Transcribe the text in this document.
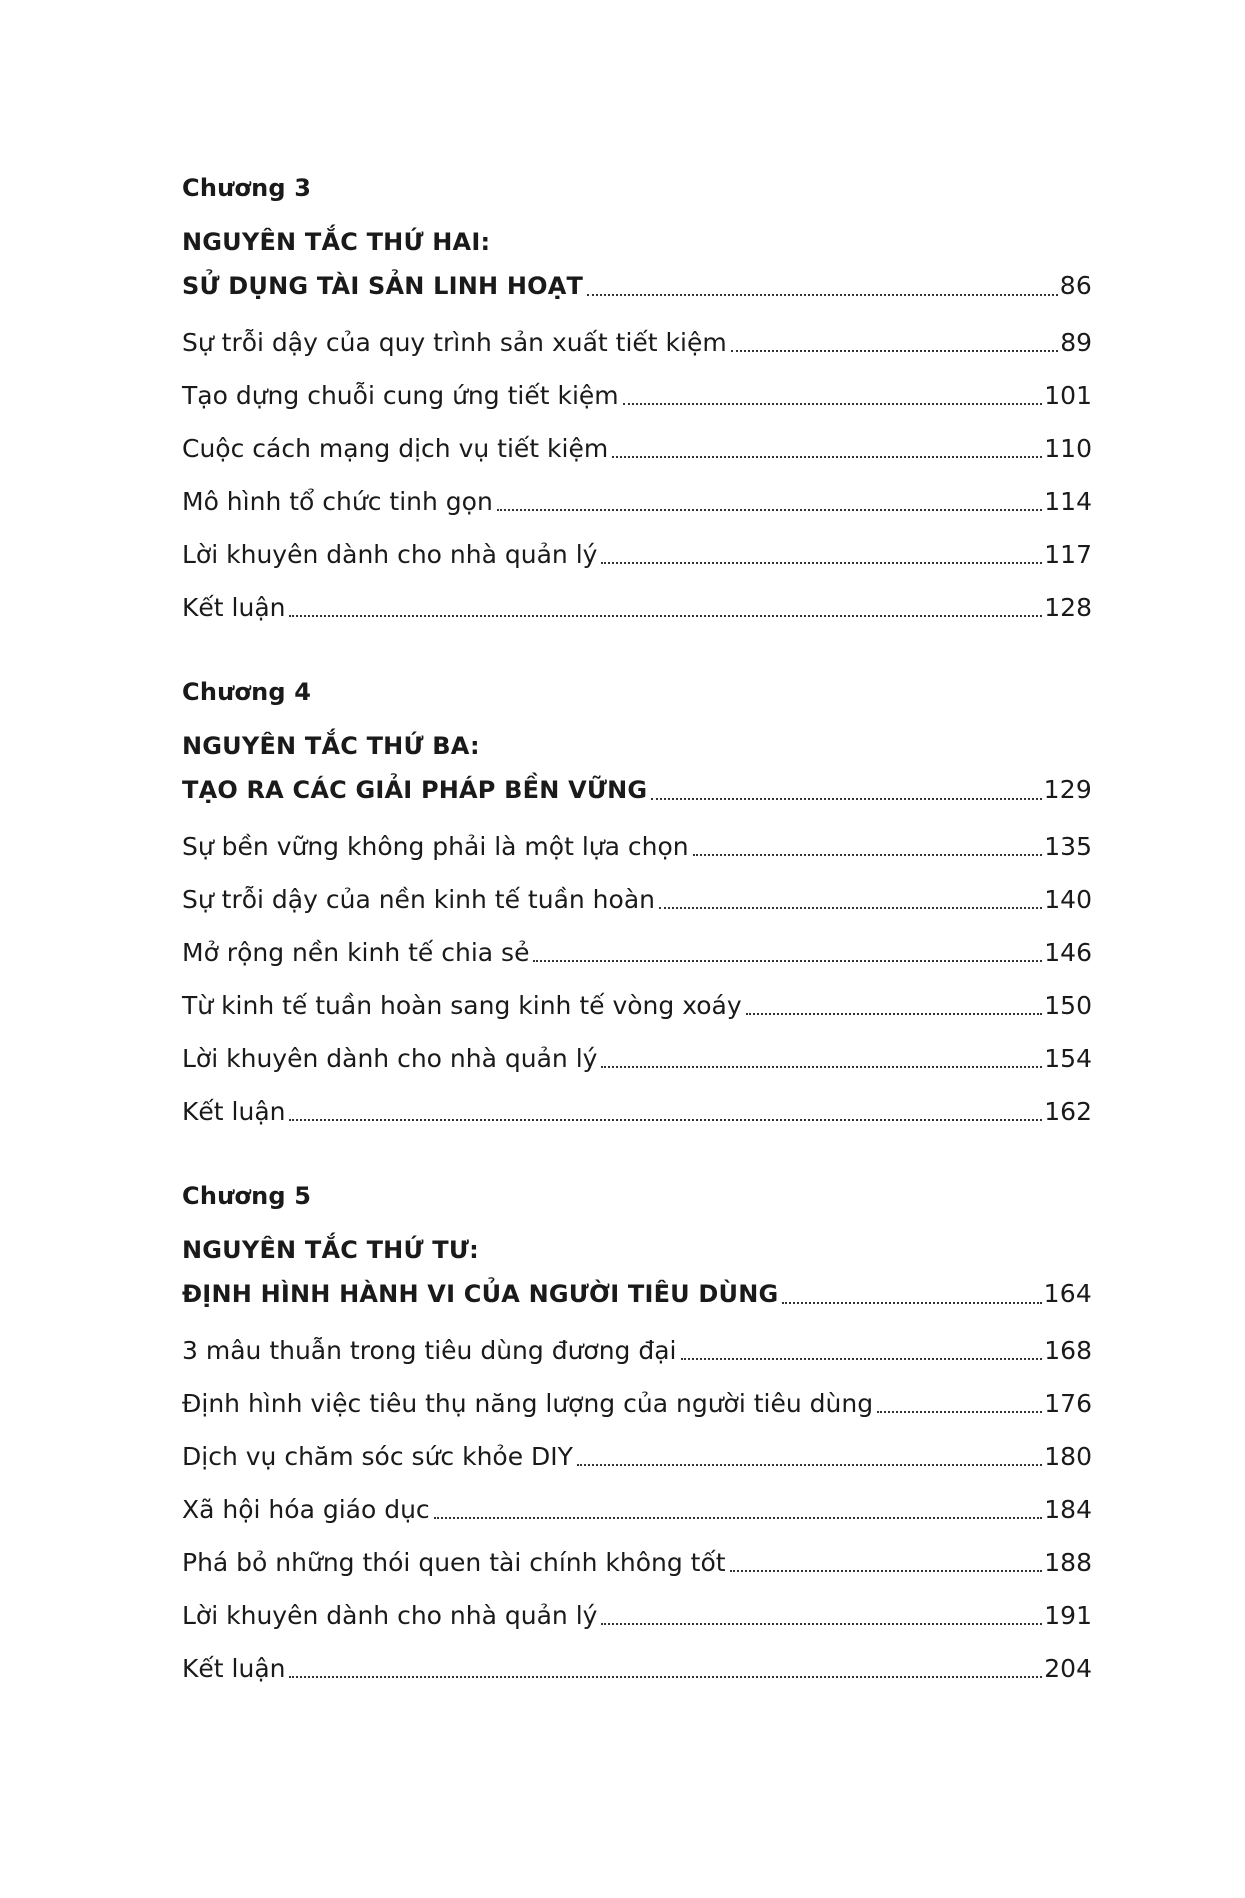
Chương 3
NGUYÊN TẮC THỨ HAI:
SỬ DỤNG TÀI SẢN LINH HOẠT	86
Sự trỗi dậy của quy trình sản xuất tiết kiệm	89
Tạo dựng chuỗi cung ứng tiết kiệm	101
Cuộc cách mạng dịch vụ tiết kiệm	110
Mô hình tổ chức tinh gọn	114
Lời khuyên dành cho nhà quản lý	117
Kết luận	128
Chương 4
NGUYÊN TẮC THỨ BA:
TẠO RA CÁC GIẢI PHÁP BỀN VỮNG	129
Sự bền vững không phải là một lựa chọn	135
Sự trỗi dậy của nền kinh tế tuần hoàn	140
Mở rộng nền kinh tế chia sẻ	146
Từ kinh tế tuần hoàn sang kinh tế vòng xoáy	150
Lời khuyên dành cho nhà quản lý	154
Kết luận	162
Chương 5
NGUYÊN TẮC THỨ TƯ:
ĐỊNH HÌNH HÀNH VI CỦA NGƯỜI TIÊU DÙNG	164
3 mâu thuẫn trong tiêu dùng đương đại	168
Định hình việc tiêu thụ năng lượng của người tiêu dùng	176
Dịch vụ chăm sóc sức khỏe DIY	180
Xã hội hóa giáo dục	184
Phá bỏ những thói quen tài chính không tốt	188
Lời khuyên dành cho nhà quản lý	191
Kết luận	204
